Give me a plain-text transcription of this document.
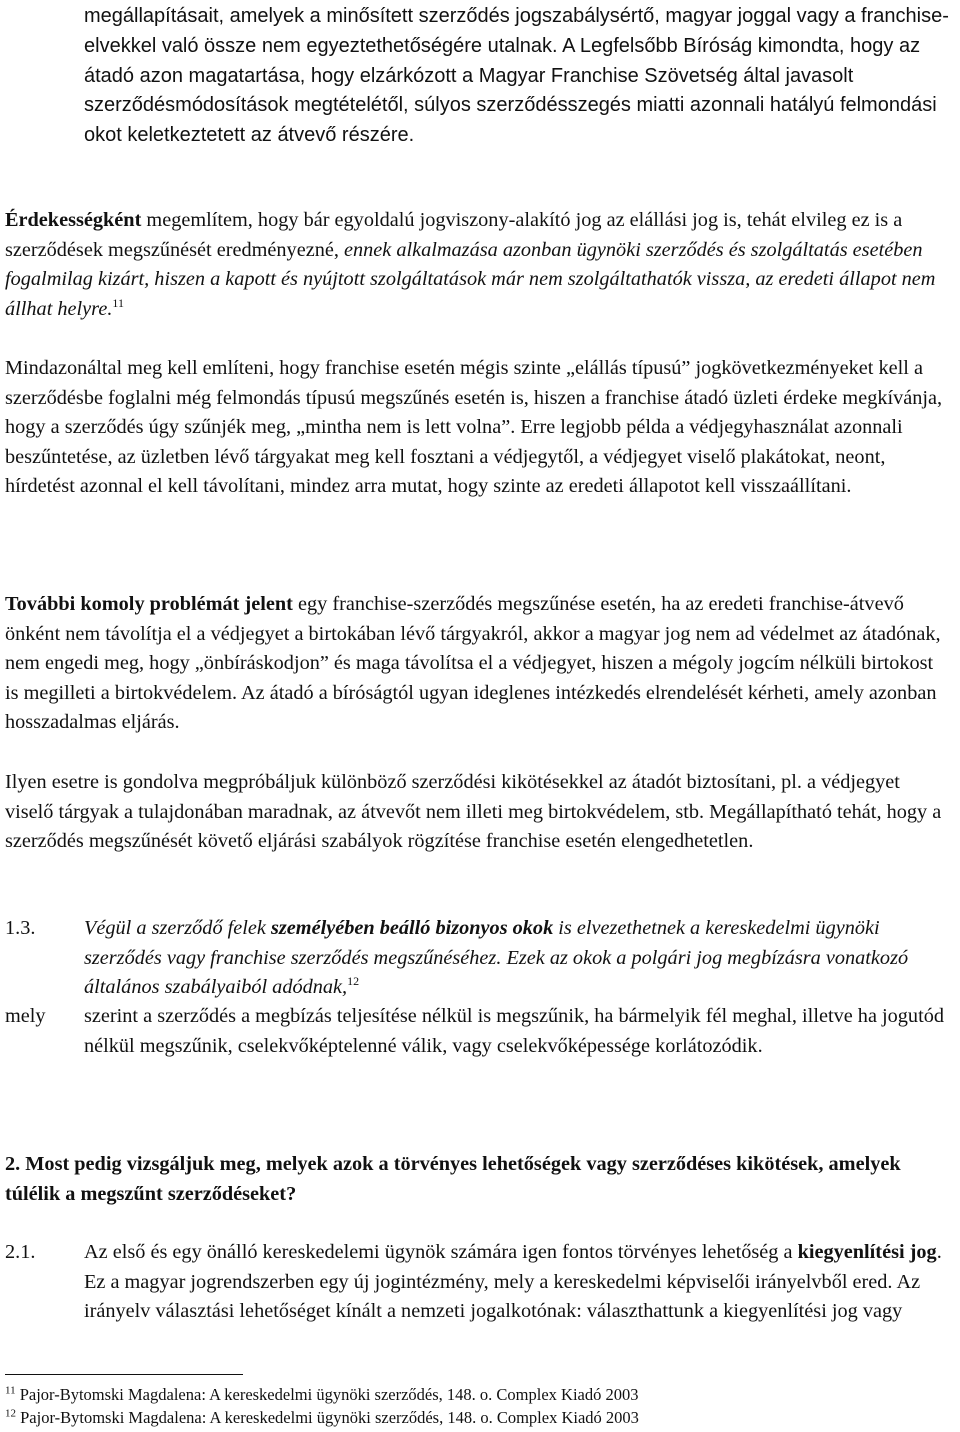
megállapításait, amelyek a minősített szerződés jogszabálysértő, magyar joggal vagy a franchise-elvekkel való össze nem egyeztethetőségére utalnak. A Legfelsőbb Bíróság kimondta, hogy az átadó azon magatartása, hogy elzárkózott a Magyar Franchise Szövetség által javasolt szerződésmódosítások megtételétől, súlyos szerződésszegés miatti azonnali hatályú felmondási okot keletkeztetett az átvevő részére.

Érdekességként megemlítem, hogy bár egyoldalú jogviszony-alakító jog az elállási jog is, tehát elvileg ez is a szerződések megszűnését eredményezné, ennek alkalmazása azonban ügynöki szerződés és szolgáltatás esetében fogalmilag kizárt, hiszen a kapott és nyújtott szolgáltatások már nem szolgáltathatók vissza, az eredeti állapot nem állhat helyre.$^{11}$

Mindazonáltal meg kell említeni, hogy franchise esetén mégis szinte „elállás típusú” jogkövetkezményeket kell a szerződésbe foglalni még felmondás típusú megszűnés esetén is, hiszen a franchise átadó üzleti érdeke megkívánja, hogy a szerződés úgy szűnjék meg, „mintha nem is lett volna”. Erre legjobb példa a védjegyhasználat azonnali beszűntetése, az üzletben lévő tárgyakat meg kell fosztani a védjegytől, a védjegyet viselő plakátokat, neont, hírdetést azonnal el kell távolítani, mindez arra mutat, hogy szinte az eredeti állapotot kell visszaállítani.

További komoly problémát jelent egy franchise-szerződés megszűnése esetén, ha az eredeti franchise-átvevő önként nem távolítja el a védjegyet a birtokában lévő tárgyakról, akkor a magyar jog nem ad védelmet az átadónak, nem engedi meg, hogy „önbíráskodjon” és maga távolítsa el a védjegyet, hiszen a mégoly jogcím nélküli birtokost is megilleti a birtokvédelem. Az átadó a bíróságtól ugyan ideglenes intézkedés elrendelését kérheti, amely azonban hosszadalmas eljárás.

Ilyen esetre is gondolva megpróbáljuk különböző szerződési kikötésekkel az átadót biztosítani, pl. a védjegyet viselő tárgyak a tulajdonában maradnak, az átvevőt nem illeti meg birtokvédelem, stb. Megállapítható tehát, hogy a szerződés megszűnését követő eljárási szabályok rögzítése franchise esetén elengedhetetlen.

1.3. Végül a szerződő felek személyében beálló bizonyos okok is elvezethetnek a kereskedelmi ügynöki szerződés vagy franchise szerződés megszűnéséhez. Ezek az okok a polgári jog megbízásra vonatkozó általános szabályaiból adódnak,$^{12}$

mely szerint a szerződés a megbízás teljesítése nélkül is megszűnik, ha bármelyik fél meghal, illetve ha jogutód nélkül megszűnik, cselekvőképtelenné válik, vagy cselekvőképessége korlátozódik.

2. Most pedig vizsgáljuk meg, melyek azok a törvényes lehetőségek vagy szerződéses kikötések, amelyek túlélik a megszűnt szerződéseket?

2.1. Az első és egy önálló kereskedelemi ügynök számára igen fontos törvényes lehetőség a kiegyenlítési jog. Ez a magyar jogrendszerben egy új jogintézmény, mely a kereskedelmi képviselői irányelvből ered. Az irányelv választási lehetőséget kínált a nemzeti jogalkotónak: választhattunk a kiegyenlítési jog vagy

$^{11}$ Pajor-Bytomski Magdalena: A kereskedelmi ügynöki szerződés, 148. o. Complex Kiadó 2003
$^{12}$ Pajor-Bytomski Magdalena: A kereskedelmi ügynöki szerződés, 148. o. Complex Kiadó 2003
